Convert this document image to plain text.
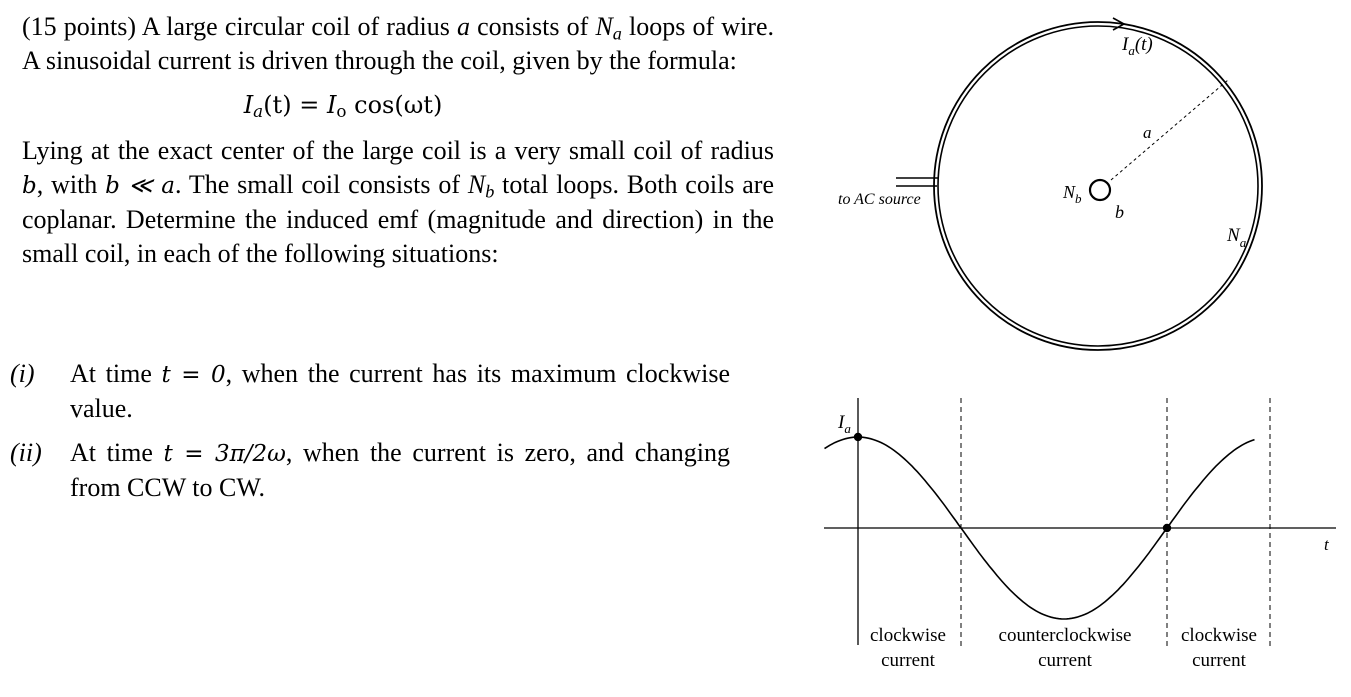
(15 points) A large circular coil of radius a consists of $N_a$ loops of wire. A sinusoidal current is driven through the coil, given by the formula:

$I_a(t) = I_o$ cos(ωt)

Lying at the exact center of the large coil is a very small coil of radius b, with b ≪ a. The small coil consists of $N_b$ total loops. Both coils are coplanar. Determine the induced emf (magnitude and direction) in the small coil, in each of the following situations:

(i)	At time t = 0, when the current has its maximum clockwise value.
(ii)	At time t = 3π/2ω, when the current is zero, and changing from CCW to CW.
$I_a(t)$
a
to AC source	$N_b$
b
$N_a$
$I_a$
t
clockwise
current
counterclockwise
current
clockwise
current
